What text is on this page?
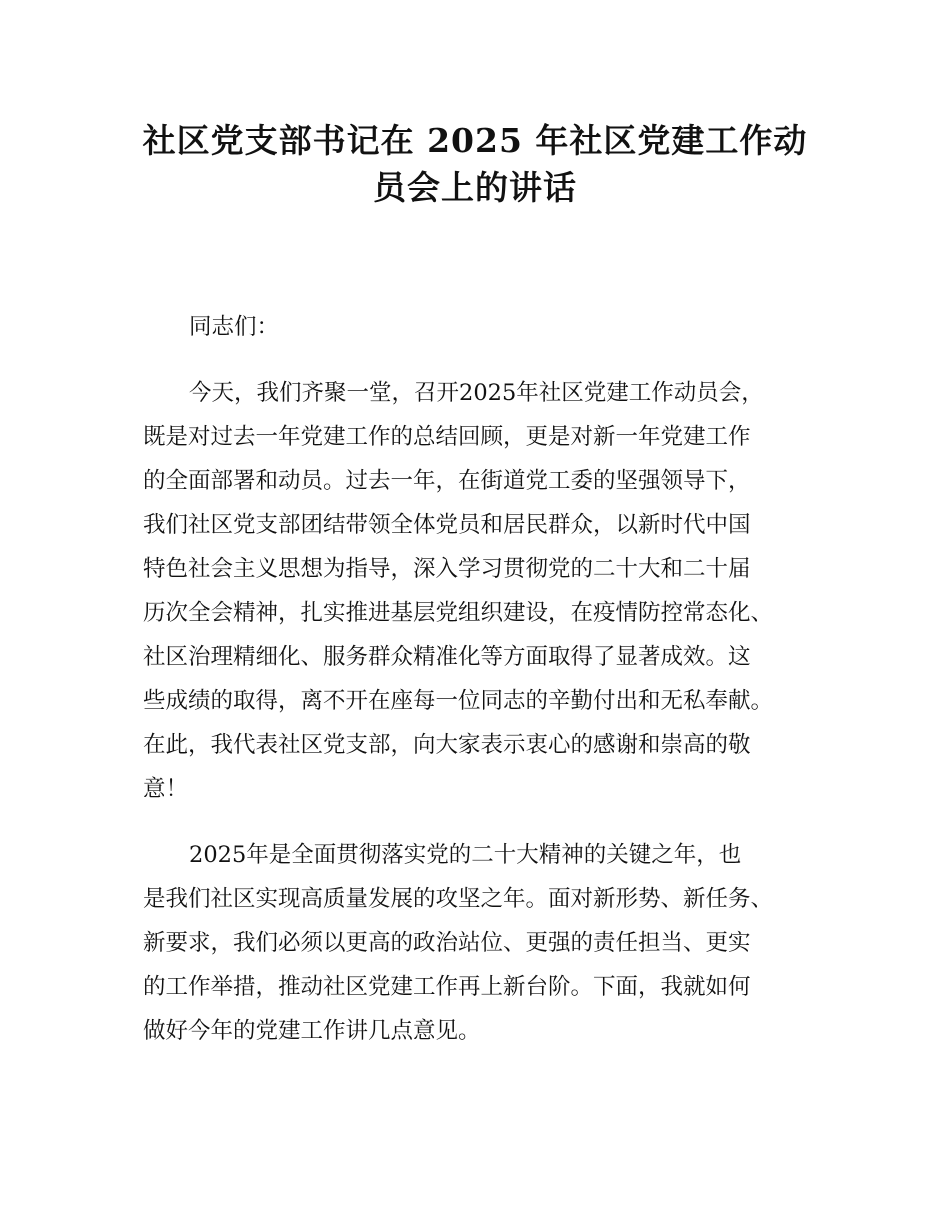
社区党支部书记在 2025 年社区党建工作动
员会上的讲话

同志们：

今天，我们齐聚一堂，召开2025年社区党建工作动员会，
既是对过去一年党建工作的总结回顾，更是对新一年党建工作
的全面部署和动员。过去一年，在街道党工委的坚强领导下，
我们社区党支部团结带领全体党员和居民群众，以新时代中国
特色社会主义思想为指导，深入学习贯彻党的二十大和二十届
历次全会精神，扎实推进基层党组织建设，在疫情防控常态化、
社区治理精细化、服务群众精准化等方面取得了显著成效。这
些成绩的取得，离不开在座每一位同志的辛勤付出和无私奉献。
在此，我代表社区党支部，向大家表示衷心的感谢和崇高的敬
意！

2025年是全面贯彻落实党的二十大精神的关键之年，也
是我们社区实现高质量发展的攻坚之年。面对新形势、新任务、
新要求，我们必须以更高的政治站位、更强的责任担当、更实
的工作举措，推动社区党建工作再上新台阶。下面，我就如何
做好今年的党建工作讲几点意见。
